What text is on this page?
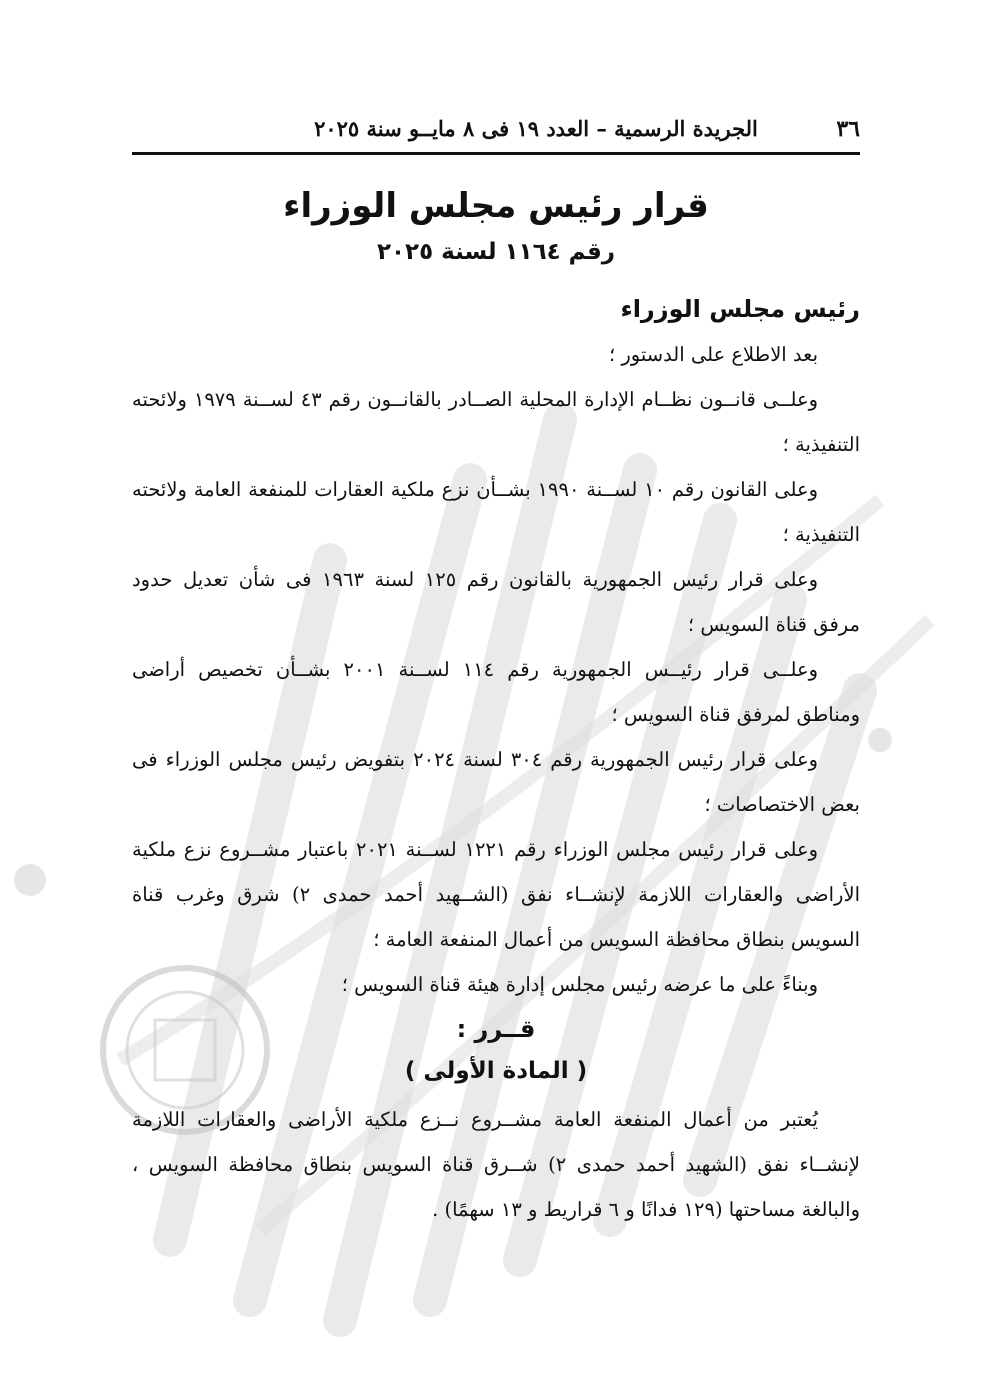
٣٦
الجريدة الرسمية – العدد ١٩ فى ٨ مايــو سنة ٢٠٢٥
قرار رئيس مجلس الوزراء
رقم ١١٦٤ لسنة ٢٠٢٥
رئيس مجلس الوزراء

بعد الاطلاع على الدستور ؛

وعلــى قانــون نظــام الإدارة المحلية الصــادر بالقانــون رقم ٤٣ لســنة ١٩٧٩ ولائحته التنفيذية ؛

وعلى القانون رقم ١٠ لســنة ١٩٩٠ بشــأن نزع ملكية العقارات للمنفعة العامة ولائحته التنفيذية ؛

وعلى قرار رئيس الجمهورية بالقانون رقم ١٢٥ لسنة ١٩٦٣ فى شأن تعديل حدود مرفق قناة السويس ؛

وعلــى قرار رئيــس الجمهورية رقم ١١٤ لســنة ٢٠٠١ بشــأن تخصيص أراضى ومناطق لمرفق قناة السويس ؛

وعلى قرار رئيس الجمهورية رقم ٣٠٤ لسنة ٢٠٢٤ بتفويض رئيس مجلس الوزراء فى بعض الاختصاصات ؛

وعلى قرار رئيس مجلس الوزراء رقم ١٢٢١ لســنة ٢٠٢١ باعتبار مشــروع نزع ملكية الأراضى والعقارات اللازمة لإنشــاء نفق (الشــهيد أحمد حمدى ٢) شرق وغرب قناة السويس بنطاق محافظة السويس من أعمال المنفعة العامة ؛

وبناءً على ما عرضه رئيس مجلس إدارة هيئة قناة السويس ؛

قــرر :
( المادة الأولى )

يُعتبر من أعمال المنفعة العامة مشــروع نــزع ملكية الأراضى والعقارات اللازمة لإنشــاء نفق (الشهيد أحمد حمدى ٢) شــرق قناة السويس بنطاق محافظة السويس ، والبالغة مساحتها (١٢٩ فدانًا و ٦ قراريط و ١٣ سهمًا) .
